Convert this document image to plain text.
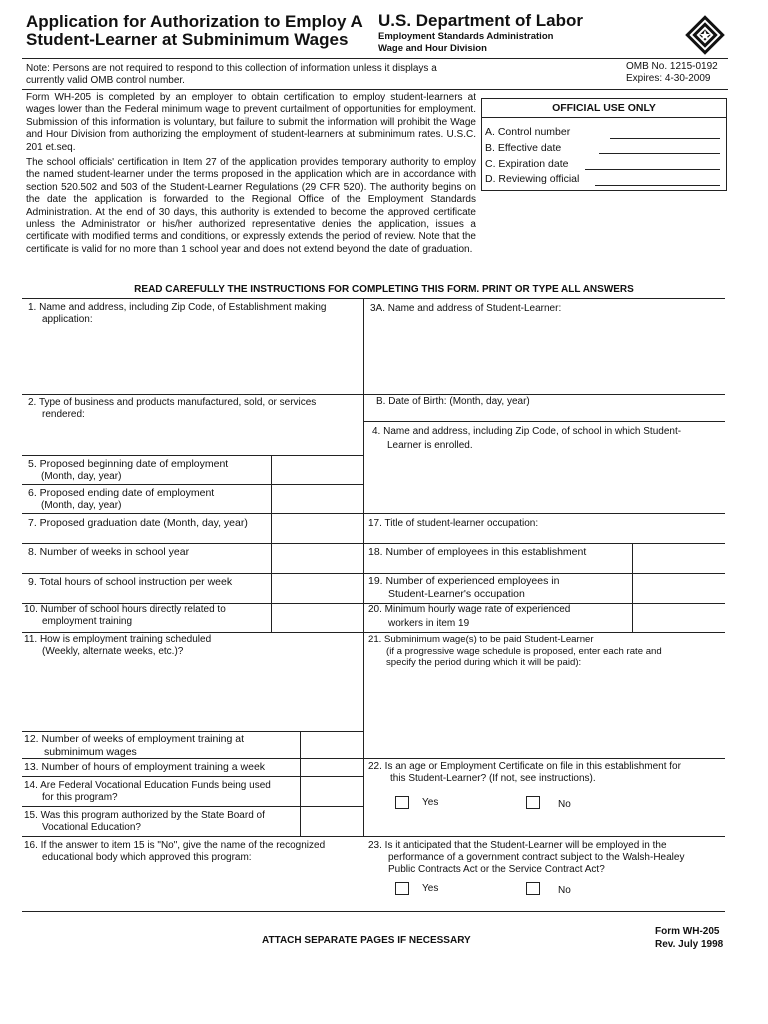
Application for Authorization to Employ A
Student-Learner at Subminimum Wages
U.S. Department of Labor
Employment Standards Administration
Wage and Hour Division
Note: Persons are not required to respond to this collection of information unless it displays a
currently valid OMB control number.
OMB No. 1215-0192
Expires: 4-30-2009
Form WH-205 is completed by an employer to obtain certification to employ student-learners at wages lower than the Federal minimum wage to prevent curtailment of opportunities for employment. Submission of this information is voluntary, but failure to submit the information will prohibit the Wage and Hour Division from authorizing the employment of student-learners at subminimum rates. U.S.C. 201 et.seq.
The school officials' certification in Item 27 of the application provides temporary authority to employ the named student-learner under the terms proposed in the application which are in accordance with section 520.502 and 503 of the Student-Learner Regulations (29 CFR 520). The authority begins on the date the application is forwarded to the Regional Office of the Employment Standards Administration. At the end of 30 days, this authority is extended to become the approved certificate unless the Administrator or his/her authorized representative denies the application, issues a certificate with modified terms and conditions, or expressly extends the period of review. Note that the certificate is valid for no more than 1 school year and does not extend beyond the date of graduation.
OFFICIAL USE ONLY
A. Control number
B. Effective date
C. Expiration date
D. Reviewing official
READ CAREFULLY THE INSTRUCTIONS FOR COMPLETING THIS FORM. PRINT OR TYPE ALL ANSWERS
1. Name and address, including Zip Code, of Establishment making
application:
2. Type of business and products manufactured, sold, or services
rendered:
5. Proposed beginning date of employment
(Month, day, year)
6. Proposed ending date of employment
(Month, day, year)
7. Proposed graduation date (Month, day, year)
8. Number of weeks in school year
9. Total hours of school instruction per week
10. Number of school hours directly related to
employment training
11. How is employment training scheduled
(Weekly, alternate weeks, etc.)?
12. Number of weeks of employment training at
subminimum wages
13. Number of hours of employment training a week
14. Are Federal Vocational Education Funds being used
for this program?
15. Was this program authorized by the State Board of
Vocational Education?
16. If the answer to item 15 is "No", give the name of the recognized
educational body which approved this program:
3A. Name and address of Student-Learner:
B. Date of Birth: (Month, day, year)
4. Name and address, including Zip Code, of school in which Student-
Learner is enrolled.
17. Title of student-learner occupation:
18. Number of employees in this establishment
19. Number of experienced employees in
Student-Learner's occupation
20. Minimum hourly wage rate of experienced
workers in item 19
21. Subminimum wage(s) to be paid Student-Learner
(if a progressive wage schedule is proposed, enter each rate and
specify the period during which it will be paid):
22. Is an age or Employment Certificate on file in this establishment for
this Student-Learner? (If not, see instructions).
Yes	No
23. Is it anticipated that the Student-Learner will be employed in the
performance of a government contract subject to the Walsh-Healey
Public Contracts Act or the Service Contract Act?
Yes	No
ATTACH SEPARATE PAGES IF NECESSARY
Form WH-205
Rev. July 1998
